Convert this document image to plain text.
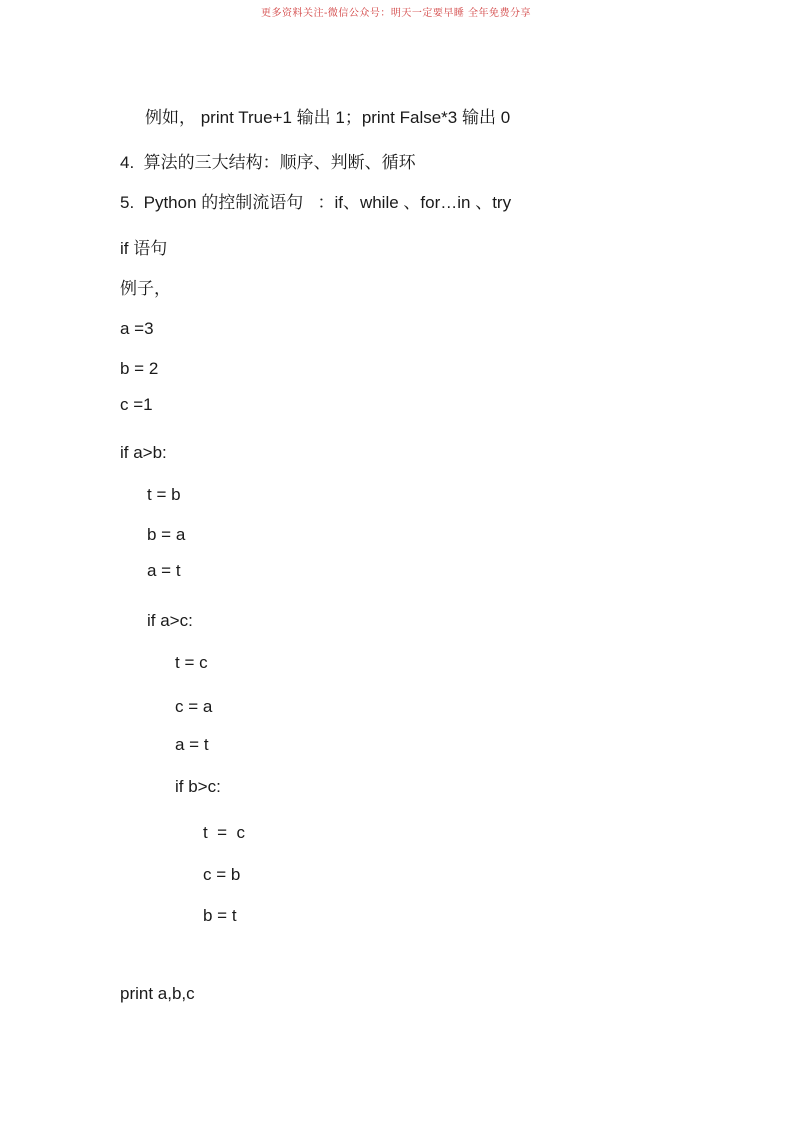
更多资料关注-微信公众号：明天一定要早睡 全年免费分享
例如， print True+1 输出 1；print False*3 输出 0
4.  算法的三大结构：顺序、判断、循环
5.  Python 的控制流语句   ：if、while 、for…in 、try
if 语句
例子，
a =3
b = 2
c =1
if a>b:
t = b
b = a
a = t
if a>c:
t = c
c = a
a = t
if b>c:
t  =  c
c = b
b = t
print a,b,c
